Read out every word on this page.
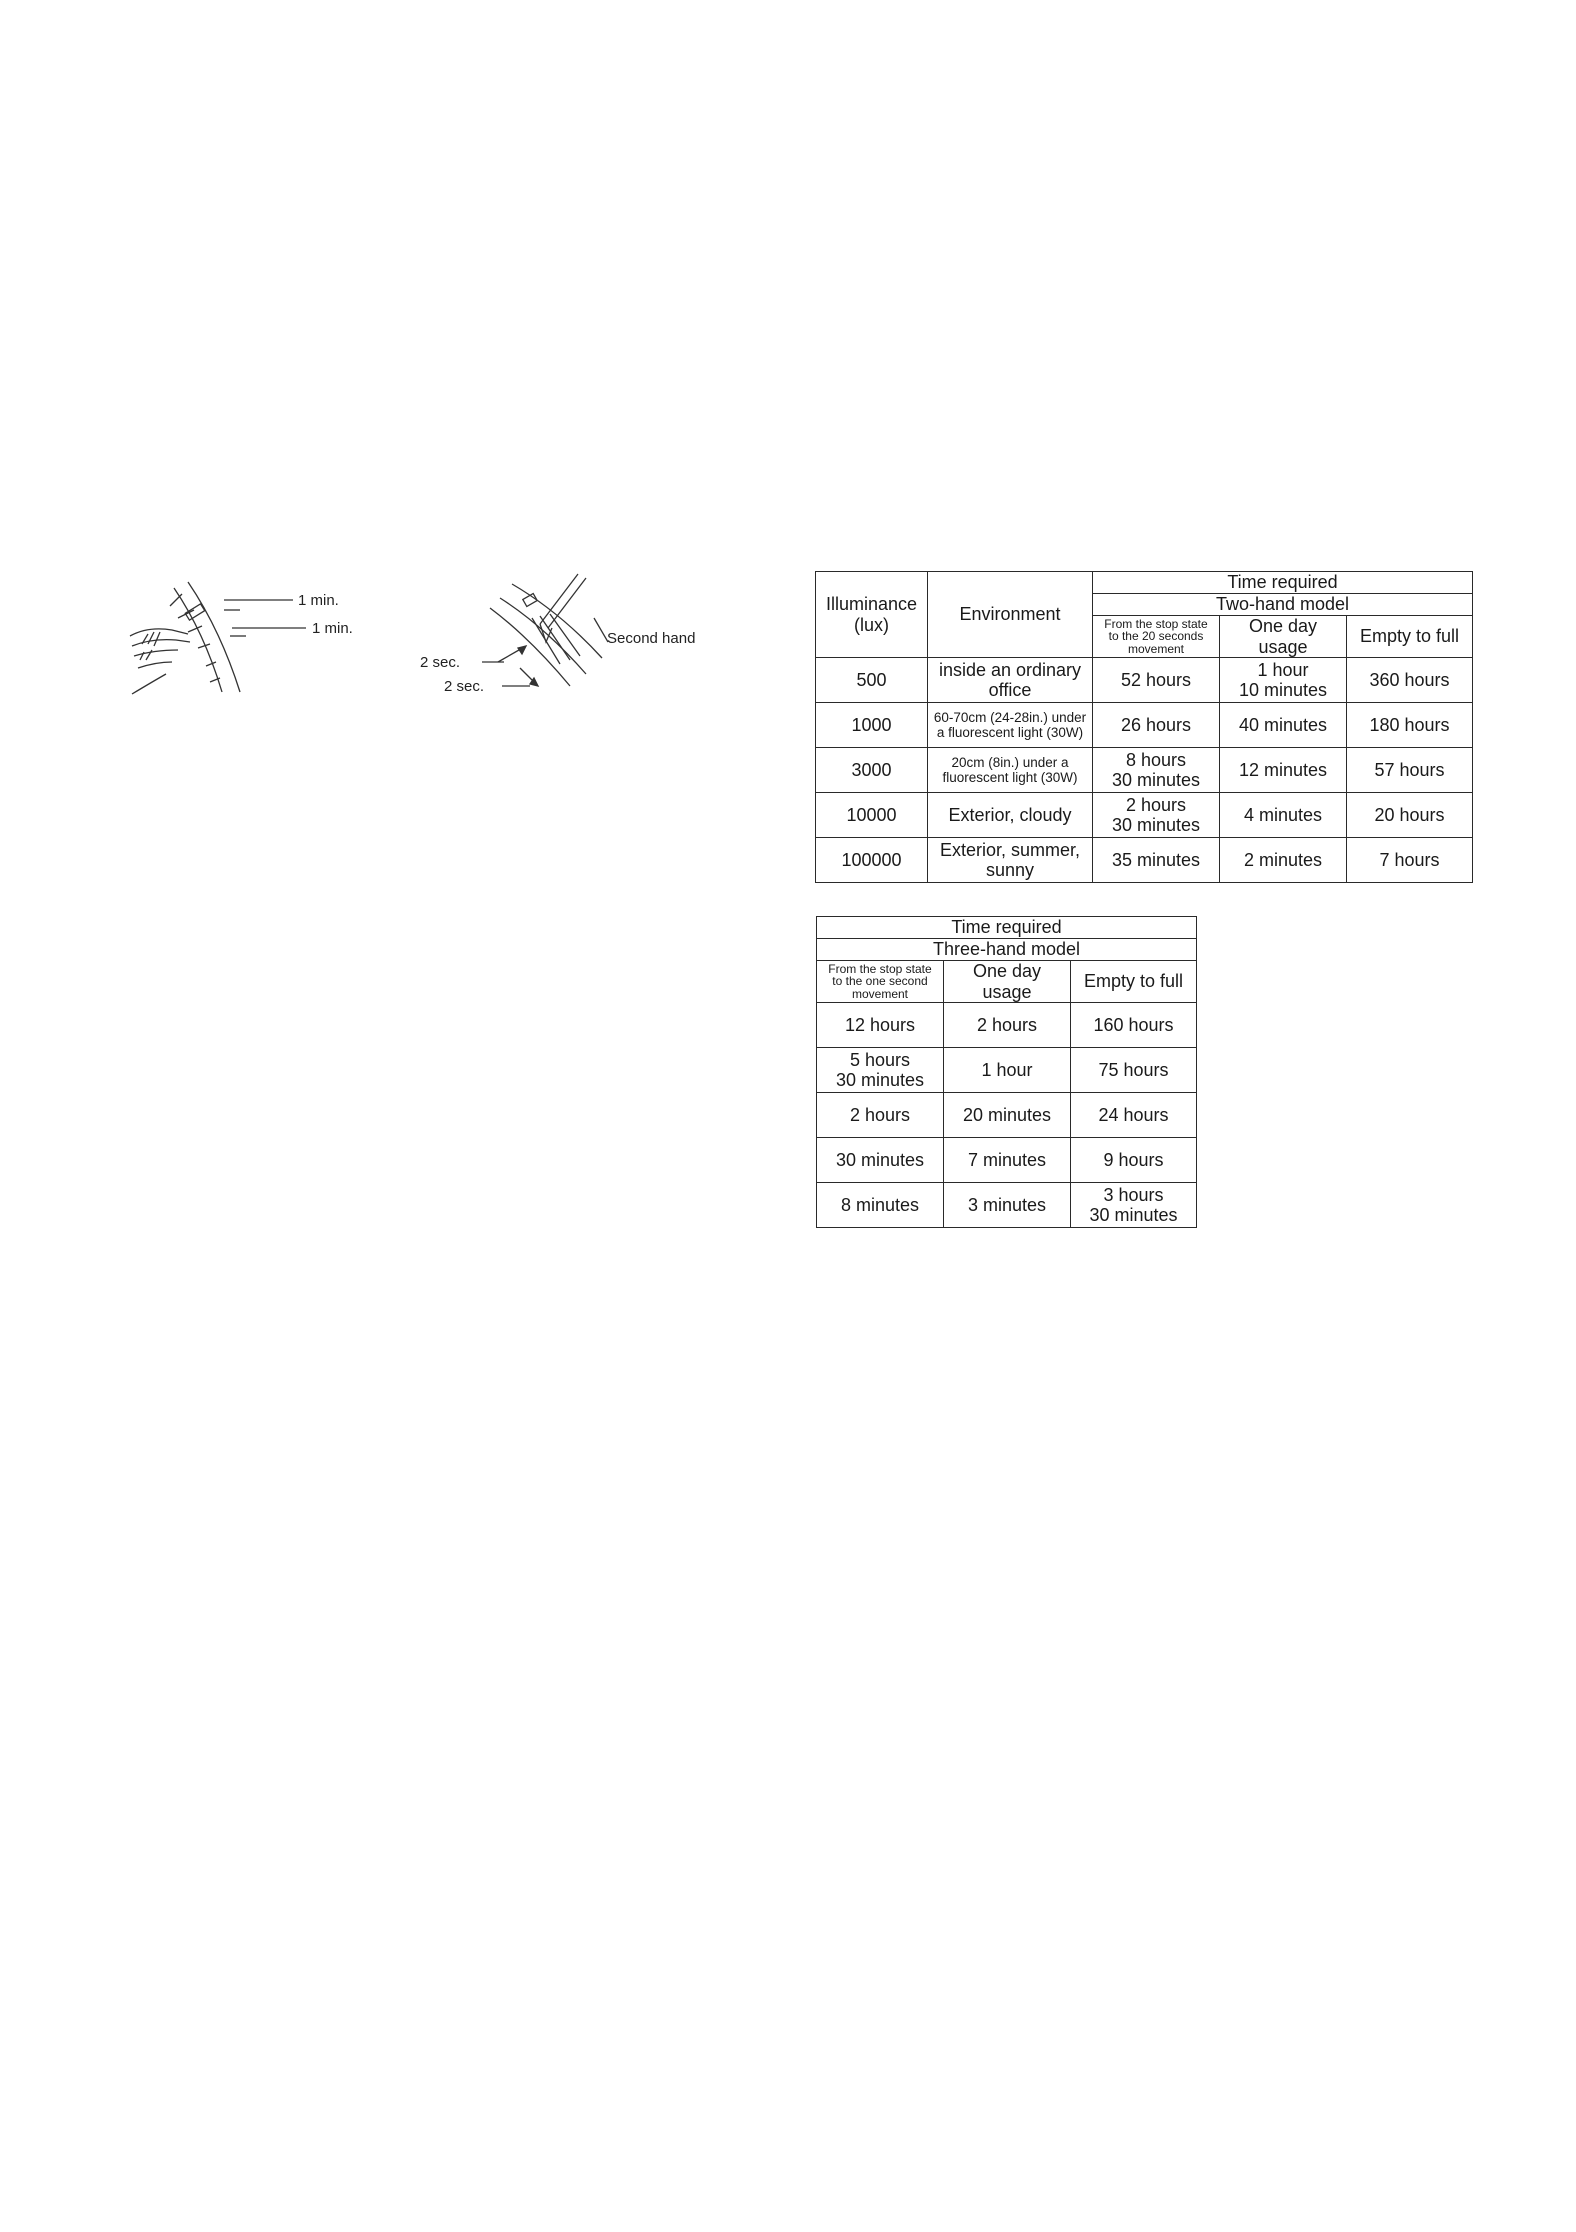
1 min.
1 min.
2 sec.
2 sec.
Second hand
Illuminance
(lux)	Environment	Time required		
		Two-hand model		
		From the stop state
to the 20 seconds
movement	One day
usage	Empty to full
500	inside an ordinary
office	52 hours	1 hour
10 minutes	360 hours
1000	60-70cm (24-28in.) under
a fluorescent light (30W)	26 hours	40 minutes	180 hours
3000	20cm (8in.) under a
fluorescent light (30W)	8 hours
30 minutes	12 minutes	57 hours
10000	Exterior, cloudy	2 hours
30 minutes	4 minutes	20 hours
100000	Exterior, summer,
sunny	35 minutes	2 minutes	7 hours
Time required		
Three-hand model		
From the stop state
to the one second
movement	One day
usage	Empty to full
12 hours	2 hours	160 hours
5 hours
30 minutes	1 hour	75 hours
2 hours	20 minutes	24 hours
30 minutes	7 minutes	9 hours
8 minutes	3 minutes	3 hours
30 minutes
